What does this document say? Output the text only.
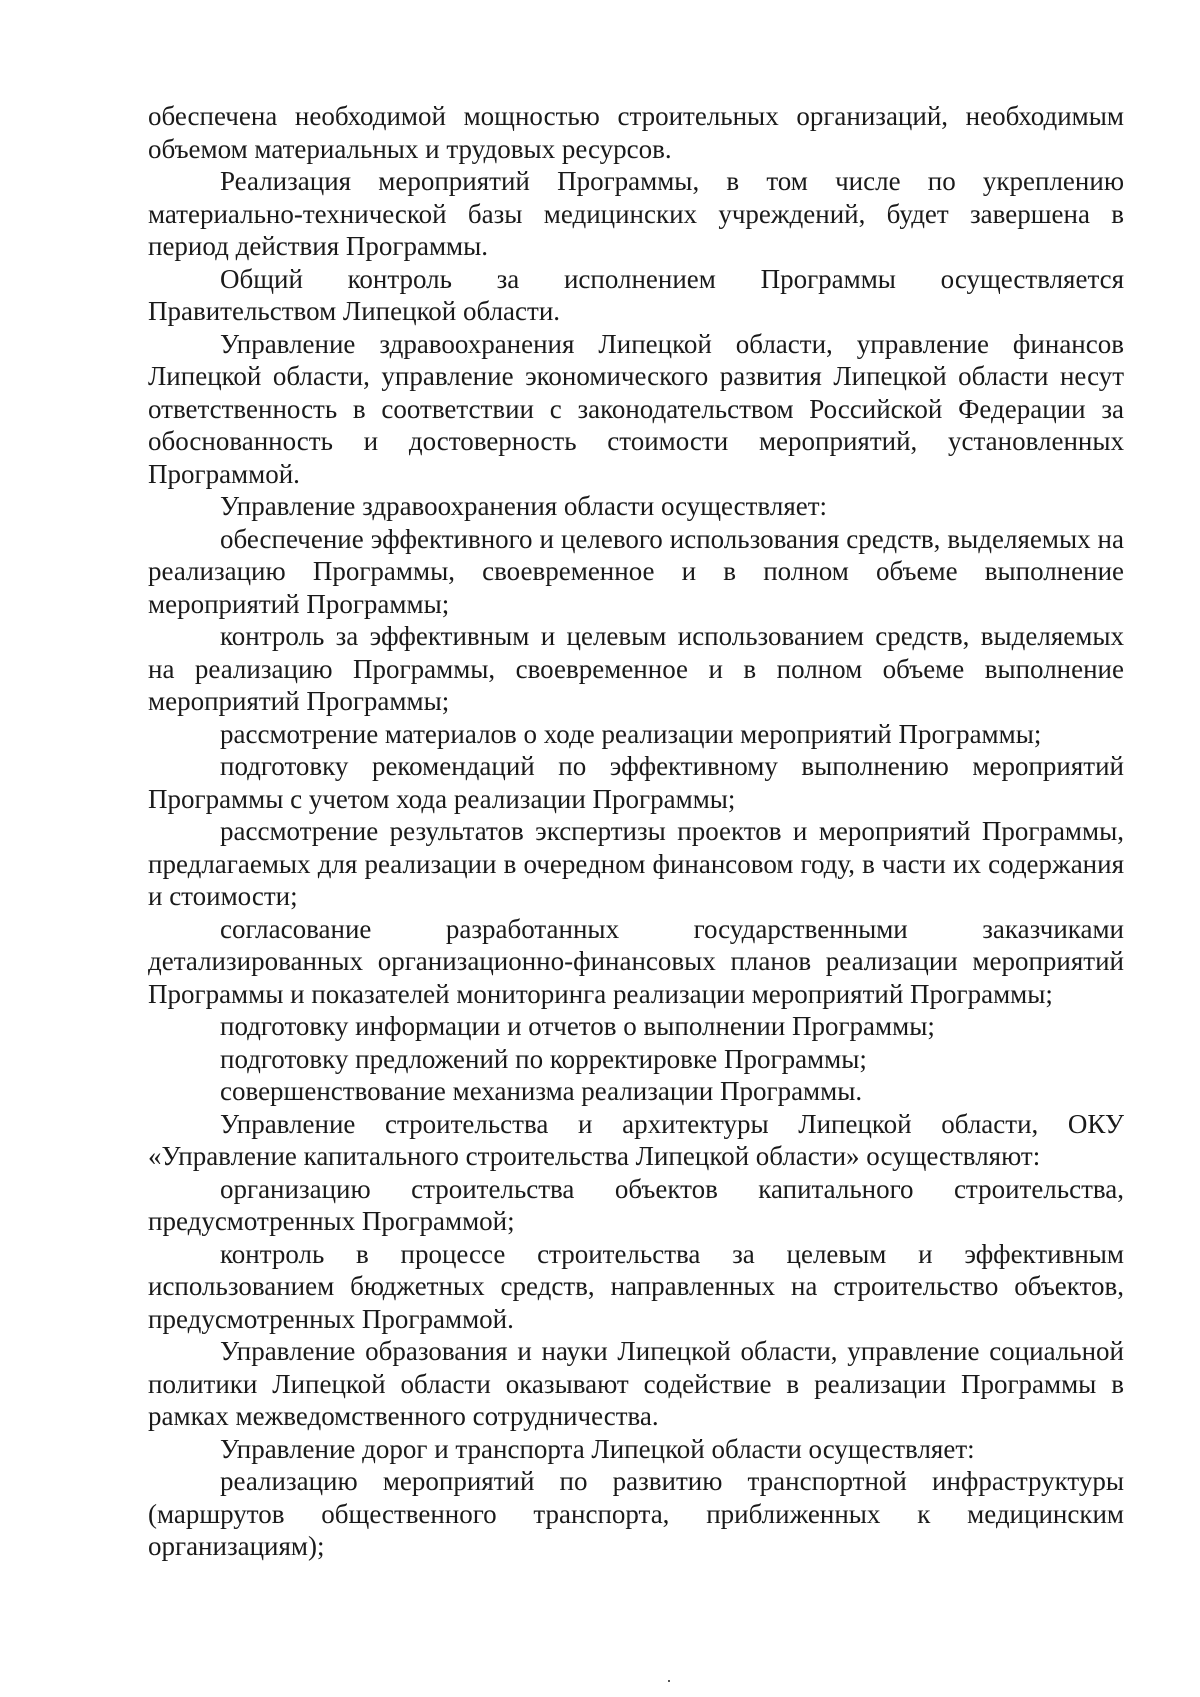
обеспечена необходимой мощностью строительных организаций, необходимым объемом материальных и трудовых ресурсов.

Реализация мероприятий Программы, в том числе по укреплению материально-технической базы медицинских учреждений, будет завершена в период действия Программы.

Общий контроль за исполнением Программы осуществляется Правительством Липецкой области.

Управление здравоохранения Липецкой области, управление финансов Липецкой области, управление экономического развития Липецкой области несут ответственность в соответствии с законодательством Российской Федерации за обоснованность и достоверность стоимости мероприятий, установленных Программой.

Управление здравоохранения области осуществляет:

обеспечение эффективного и целевого использования средств, выделяемых на реализацию Программы, своевременное и в полном объеме выполнение мероприятий Программы;

контроль за эффективным и целевым использованием средств, выделяемых на реализацию Программы, своевременное и в полном объеме выполнение мероприятий Программы;

рассмотрение материалов о ходе реализации мероприятий Программы;

подготовку рекомендаций по эффективному выполнению мероприятий Программы с учетом хода реализации Программы;

рассмотрение результатов экспертизы проектов и мероприятий Программы, предлагаемых для реализации в очередном финансовом году, в части их содержания и стоимости;

согласование разработанных государственными заказчиками детализированных организационно-финансовых планов реализации мероприятий Программы и показателей мониторинга реализации мероприятий Программы;

подготовку информации и отчетов о выполнении Программы;

подготовку предложений по корректировке Программы;

совершенствование механизма реализации Программы.

Управление строительства и архитектуры Липецкой области, ОКУ «Управление капитального строительства Липецкой области» осуществляют:

организацию строительства объектов капитального строительства, предусмотренных Программой;

контроль в процессе строительства за целевым и эффективным использованием бюджетных средств, направленных на строительство объектов, предусмотренных Программой.

Управление образования и науки Липецкой области, управление социальной политики Липецкой области оказывают содействие в реализации Программы в рамках межведомственного сотрудничества.

Управление дорог и транспорта Липецкой области осуществляет:

реализацию мероприятий по развитию транспортной инфраструктуры (маршрутов общественного транспорта, приближенных к медицинским организациям);
